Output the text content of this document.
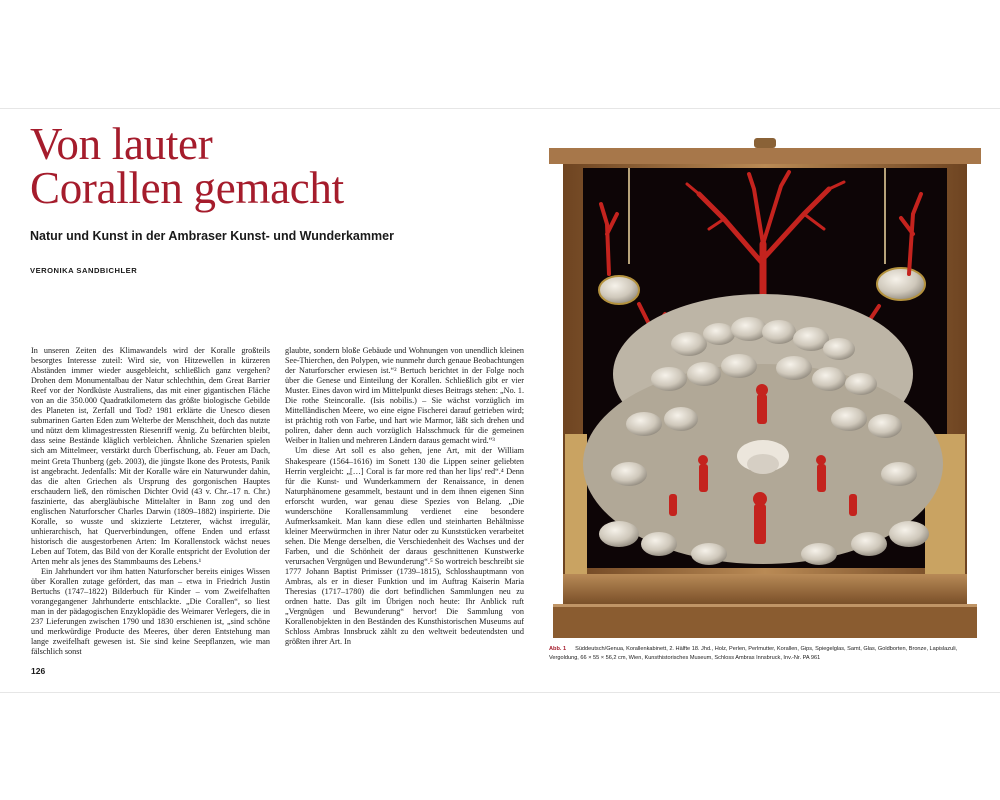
Von lauter
Corallen gemacht
Natur und Kunst in der Ambraser Kunst- und Wunderkammer
VERONIKA SANDBICHLER

In unseren Zeiten des Klimawandels wird der Koralle großteils besorgtes Interesse zuteil: Wird sie, von Hitzewellen in kürzeren Abständen immer wieder ausgebleicht, schließlich ganz vergehen? Drohen dem Monumentalbau der Natur schlechthin, dem Great Barrier Reef vor der Nordküste Australiens, das mit einer gigantischen Fläche von an die 350.000 Quadratkilometern das größte biologische Gebilde des Planeten ist, Zerfall und Tod? 1981 erklärte die Unesco diesen submarinen Garten Eden zum Welterbe der Menschheit, doch das nutzte und nützt dem klimagestressten Riesenriff wenig. Zu befürchten bleibt, dass seine Bestände kläglich verbleichen. Ähnliche Szenarien spielen sich am Mittelmeer, verstärkt durch Überfischung, ab. Feuer am Dach, meint Greta Thunberg (geb. 2003), die jüngste Ikone des Protests, Panik ist angebracht. Jedenfalls: Mit der Koralle wäre ein Naturwunder dahin, das die alten Griechen als Ursprung des gorgonischen Hauptes erschaudern ließ, den römischen Dichter Ovid (43 v. Chr.–17 n. Chr.) faszinierte, das abergläubische Mittelalter in Bann zog und den englischen Naturforscher Charles Darwin (1809–1882) inspirierte. Die Koralle, so wusste und skizzierte Letzterer, wächst irregulär, unhierarchisch, hat Querverbindungen, offene Enden und erfasst historisch die ausgestorbenen Arten: Im Korallenstock wächst neues Leben auf Totem, das Bild von der Koralle entspricht der Evolution der Arten mehr als jenes des Stammbaums des Lebens.¹

Ein Jahrhundert vor ihm hatten Naturforscher bereits einiges Wissen über Korallen zutage gefördert, das man – etwa in Friedrich Justin Bertuchs (1747–1822) Bilderbuch für Kinder – vom Zweifelhaften vorangegangener Jahrhunderte entschlackte. „Die Corallen“, so liest man in der pädagogischen Enzyklopädie des Weimarer Verlegers, die in 237 Lieferungen zwischen 1790 und 1830 erschienen ist, „sind schöne und merkwürdige Producte des Meeres, über deren Entstehung man lange zweifelhaft gewesen ist. Sie sind keine Seepflanzen, wie man fälschlich sonst

glaubte, sondern bloße Gebäude und Wohnungen von unendlich kleinen See-Thierchen, den Polypen, wie nunmehr durch genaue Beobachtungen der Naturforscher erwiesen ist.“² Bertuch berichtet in der Folge noch über die Genese und Einteilung der Korallen. Schließlich gibt er vier Muster. Eines davon wird im Mittelpunkt dieses Beitrags stehen: „No. 1. Die rothe Steincoralle. (Isis nobilis.) – Sie wächst vorzüglich im Mittelländischen Meere, wo eine eigne Fischerei darauf getrieben wird; ist prächtig roth von Farbe, und hart wie Marmor, läßt sich drehen und poliren, daher denn auch vorzüglich Halsschmuck für die gemeinen Weiber in Italien und mehreren Ländern daraus gemacht wird.“³

Um diese Art soll es also gehen, jene Art, mit der William Shakespeare (1564–1616) im Sonett 130 die Lippen seiner geliebten Herrin vergleicht: „[…] Coral is far more red than her lips' red“.⁴ Denn für die Kunst- und Wunderkammern der Renaissance, in denen Naturphänomene gesammelt, bestaunt und in dem ihnen eigenen Sinn erforscht wurden, war genau diese Spezies von Belang. „Die wunderschöne Korallensammlung verdienet eine besondere Aufmerksamkeit. Man kann diese edlen und steinharten Behältnisse kleiner Meerwürmchen in ihrer Natur oder zu Kunststücken verarbeitet sehen. Die Menge derselben, die Verschiedenheit des Wachses und der Farben, und die Schönheit der daraus geschnittenen Kunstwerke verursachen Vergnügen und Bewunderung“.⁵ So wortreich beschreibt sie 1777 Johann Baptist Primisser (1739–1815), Schlosshauptmann von Ambras, als er in dieser Funktion und im Auftrag Kaiserin Maria Theresias (1717–1780) die dort befindlichen Sammlungen neu zu ordnen hatte. Das gilt im Übrigen noch heute: Ihr Anblick ruft „Vergnügen und Bewunderung“ hervor! Die Sammlung von Korallenobjekten in den Beständen des Kunsthistorischen Museums auf Schloss Ambras Innsbruck zählt zu den weltweit bedeutendsten und größten ihrer Art. In

126
Abb. 1 Süddeutsch/Genua, Korallenkabinett, 2. Hälfte 18. Jhd., Holz, Perlen, Perlmutter, Korallen, Gips, Spiegelglas, Samt, Glas, Goldborten, Bronze, Lapislazuli, Vergoldung, 66 × 55 × 56,2 cm, Wien, Kunsthistorisches Museum, Schloss Ambras Innsbruck, Inv.-Nr. PA 961
